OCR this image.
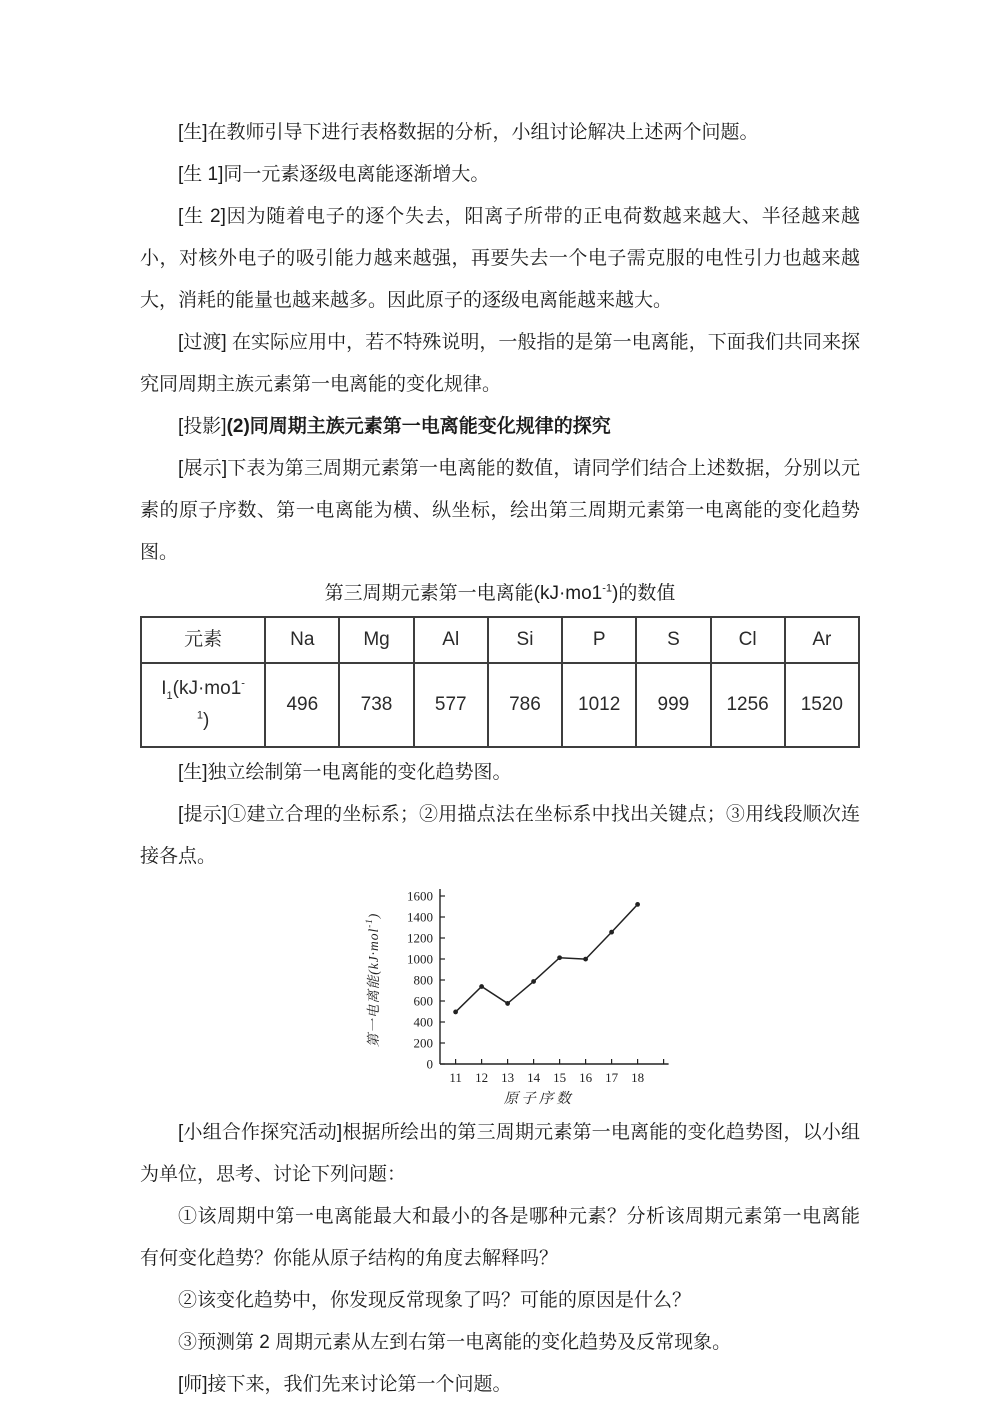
[生]在教师引导下进行表格数据的分析，小组讨论解决上述两个问题。

[生 1]同一元素逐级电离能逐渐增大。

[生 2]因为随着电子的逐个失去，阳离子所带的正电荷数越来越大、半径越来越小，对核外电子的吸引能力越来越强，再要失去一个电子需克服的电性引力也越来越大，消耗的能量也越来越多。因此原子的逐级电离能越来越大。

[过渡] 在实际应用中，若不特殊说明，一般指的是第一电离能，下面我们共同来探究同周期主族元素第一电离能的变化规律。

[投影](2)同周期主族元素第一电离能变化规律的探究

[展示]下表为第三周期元素第一电离能的数值，请同学们结合上述数据，分别以元素的原子序数、第一电离能为横、纵坐标，绘出第三周期元素第一电离能的变化趋势图。

第三周期元素第一电离能$(kJ\cdot mo1^{-1})$的数值

元素	Na	Mg	Al	Si	P	S	Cl	Ar

$I_1(kJ\cdot mo1^-$
$^1$)	496	738	577	786	1012	999	1256	1520

[生]独立绘制第一电离能的变化趋势图。

[提示]①建立合理的坐标系；②用描点法在坐标系中找出关键点；③用线段顺次连接各点。

0
200
400
600
800
1000
1200
1400
1600
11 12 13 14 15 16 17 18
第一电离能(kJ·mol$^{-1}$)
原子序数

[小组合作探究活动]根据所绘出的第三周期元素第一电离能的变化趋势图，以小组为单位，思考、讨论下列问题：

①该周期中第一电离能最大和最小的各是哪种元素？分析该周期元素第一电离能有何变化趋势？你能从原子结构的角度去解释吗？

②该变化趋势中，你发现反常现象了吗？可能的原因是什么？

③预测第 2 周期元素从左到右第一电离能的变化趋势及反常现象。

[师]接下来，我们先来讨论第一个问题。
